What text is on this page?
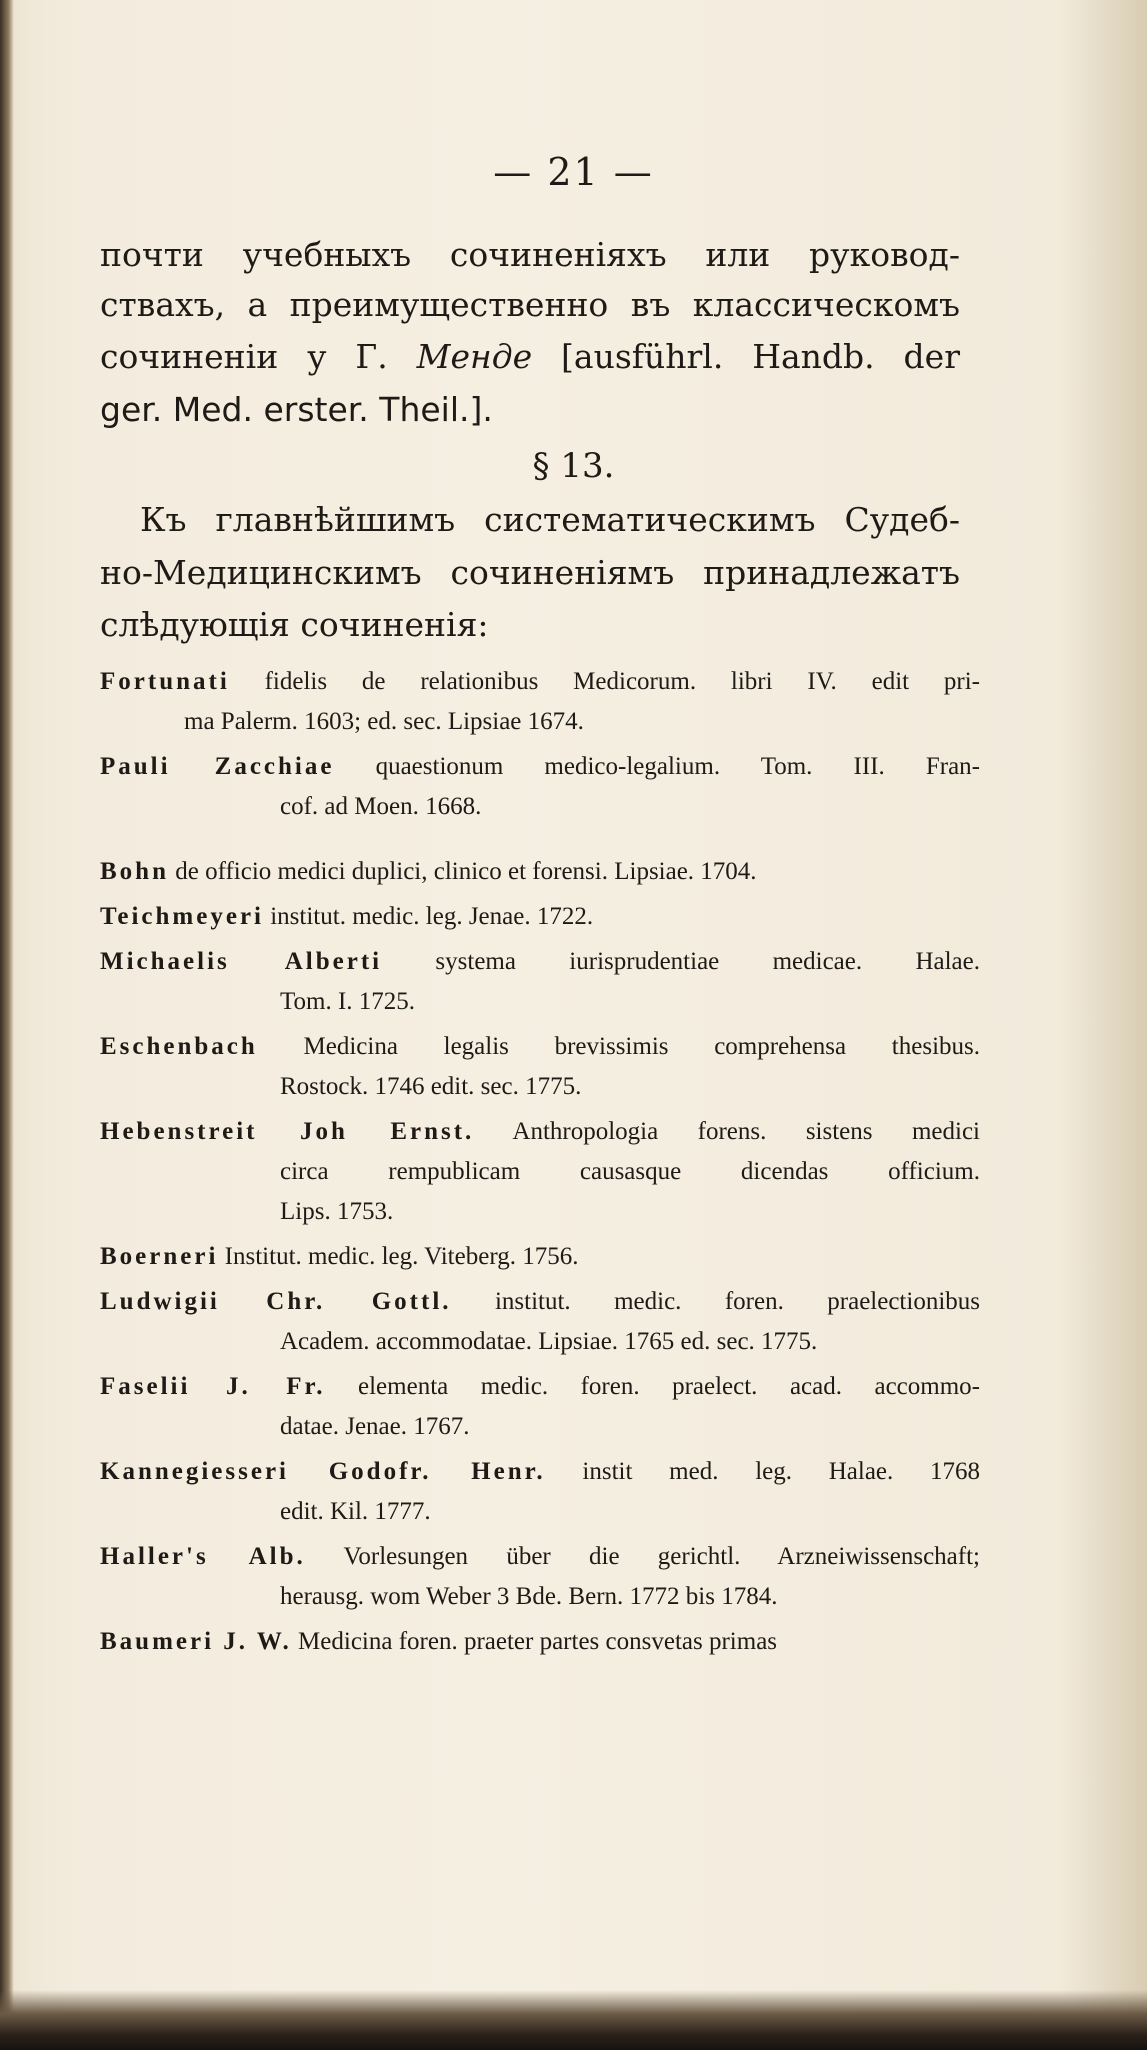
— 21 —

почти учебныхъ сочиненіяхъ или руковод-

ствахъ, а преимущественно въ классическомъ

сочиненіи у Г. Менде [ausführl. Handb. der

ger. Med. erster. Theil.].

§ 13.

Къ главнѣйшимъ систематическимъ Судеб-

но-Медицинскимъ сочиненіямъ принадлежатъ

слѣдующія сочиненія:

Fortunati fidelis de relationibus Medicorum. libri IV. edit pri-
ma Palerm. 1603; ed. sec. Lipsiae 1674.
Pauli Zacchiae quaestionum medico-legalium. Tom. III. Fran-
cof. ad Moen. 1668.
Bohn de officio medici duplici, clinico et forensi. Lipsiae. 1704.
Teichmeyeri institut. medic. leg. Jenae. 1722.
Michaelis Alberti systema iurisprudentiae medicae. Halae.
Tom. I. 1725.
Eschenbach Medicina legalis brevissimis comprehensa thesibus.
Rostock. 1746 edit. sec. 1775.
Hebenstreit Joh Ernst. Anthropologia forens. sistens medici
circa rempublicam causasque dicendas officium.
Lips. 1753.
Boerneri Institut. medic. leg. Viteberg. 1756.
Ludwigii Chr. Gottl. institut. medic. foren. praelectionibus
Academ. accommodatae. Lipsiae. 1765 ed. sec. 1775.
Faselii J. Fr. elementa medic. foren. praelect. acad. accommo-
datae. Jenae. 1767.
Kannegiesseri Godofr. Henr. instit med. leg. Halae. 1768
edit. Kil. 1777.
Haller's Alb. Vorlesungen über die gerichtl. Arzneiwissenschaft;
herausg. wom Weber 3 Bde. Bern. 1772 bis 1784.
Baumeri J. W. Medicina foren. praeter partes consvetas primas
